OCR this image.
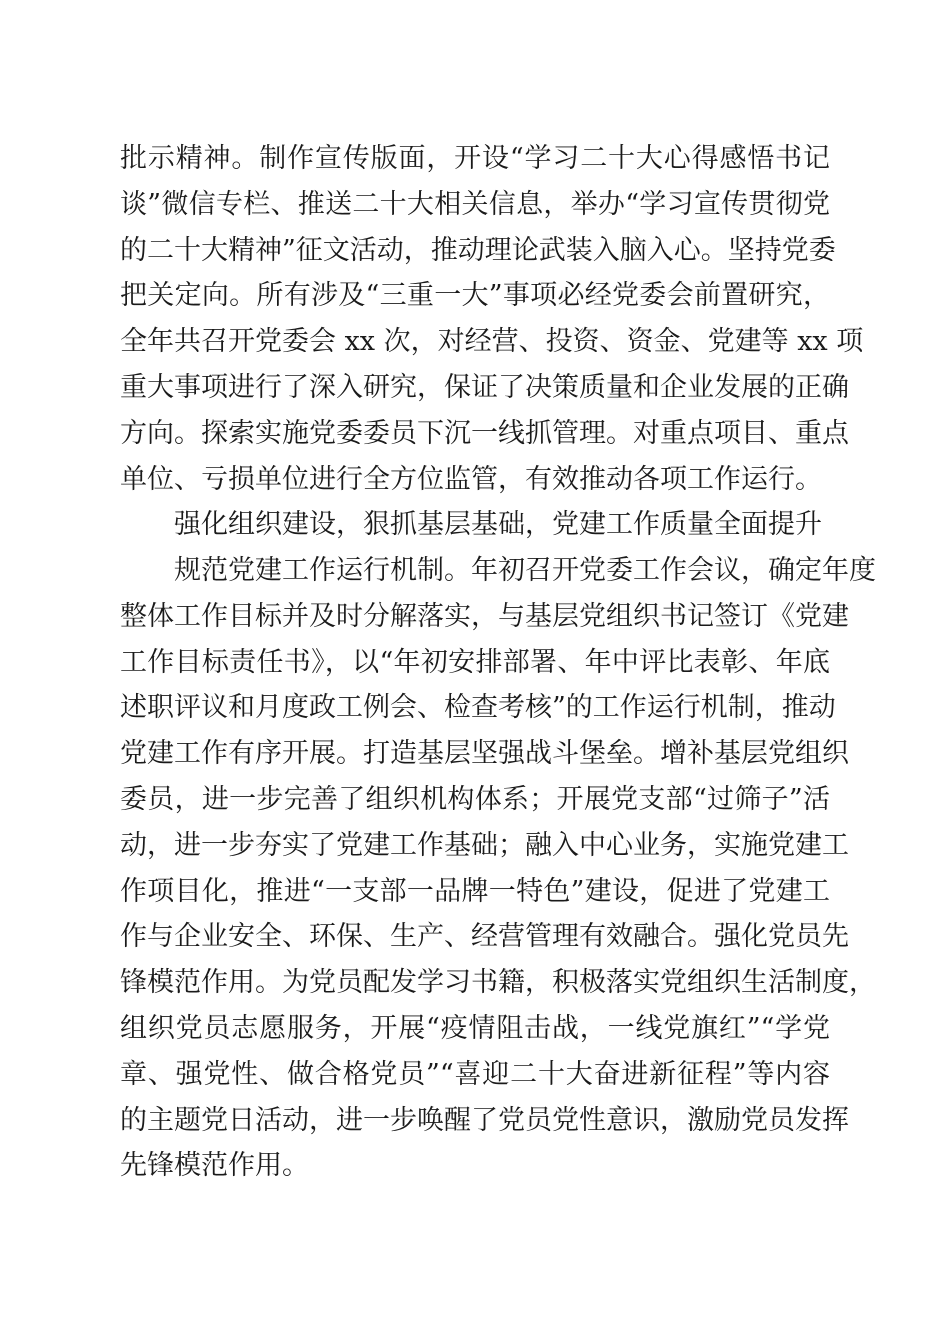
批示精神。制作宣传版面，开设“学习二十大心得感悟书记
谈”微信专栏、推送二十大相关信息，举办“学习宣传贯彻党
的二十大精神”征文活动，推动理论武装入脑入心。坚持党委
把关定向。所有涉及“三重一大”事项必经党委会前置研究，
全年共召开党委会 xx 次，对经营、投资、资金、党建等 xx 项
重大事项进行了深入研究，保证了决策质量和企业发展的正确
方向。探索实施党委委员下沉一线抓管理。对重点项目、重点
单位、亏损单位进行全方位监管，有效推动各项工作运行。
强化组织建设，狠抓基层基础，党建工作质量全面提升
规范党建工作运行机制。年初召开党委工作会议，确定年度
整体工作目标并及时分解落实，与基层党组织书记签订《党建
工作目标责任书》，以“年初安排部署、年中评比表彰、年底
述职评议和月度政工例会、检查考核”的工作运行机制，推动
党建工作有序开展。打造基层坚强战斗堡垒。增补基层党组织
委员，进一步完善了组织机构体系；开展党支部“过筛子”活
动，进一步夯实了党建工作基础；融入中心业务，实施党建工
作项目化，推进“一支部一品牌一特色”建设，促进了党建工
作与企业安全、环保、生产、经营管理有效融合。强化党员先
锋模范作用。为党员配发学习书籍，积极落实党组织生活制度，
组织党员志愿服务，开展“疫情阻击战，一线党旗红”“学党
章、强党性、做合格党员”“喜迎二十大奋进新征程”等内容
的主题党日活动，进一步唤醒了党员党性意识，激励党员发挥
先锋模范作用。
